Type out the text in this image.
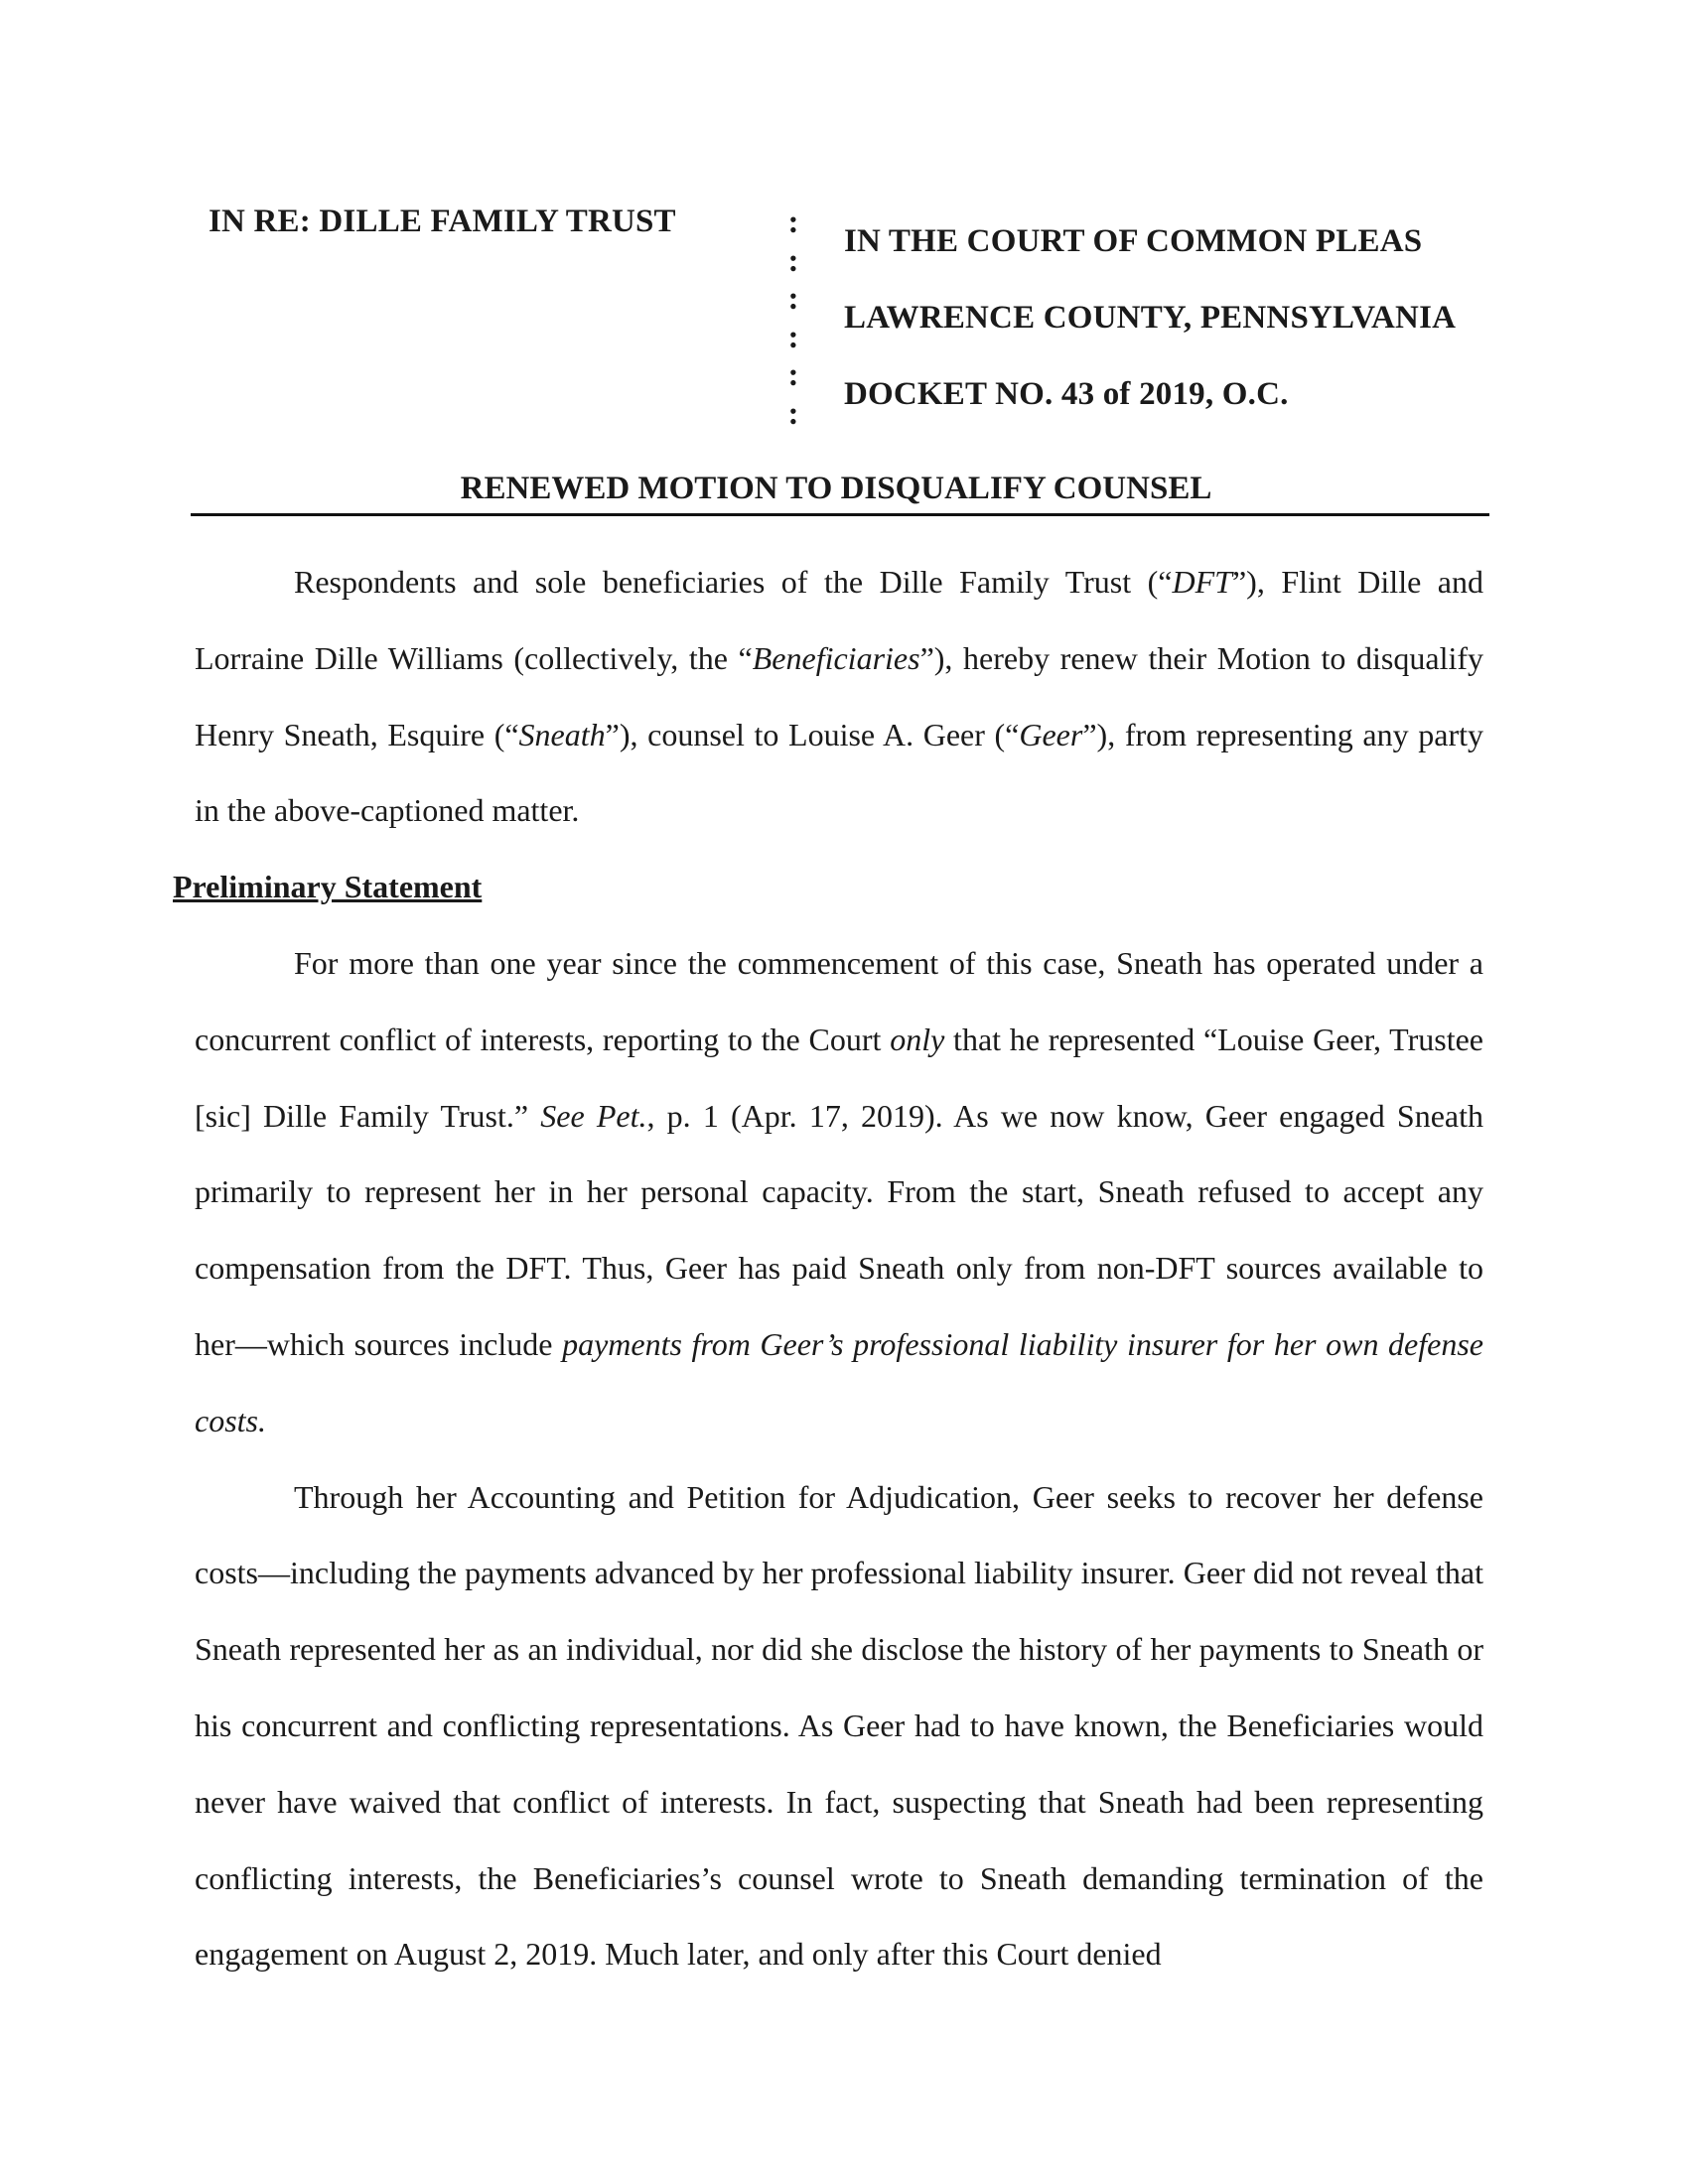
IN RE: DILLE FAMILY TRUST	:
:
:
:
:
:
IN THE COURT OF COMMON PLEAS
LAWRENCE COUNTY, PENNSYLVANIA
DOCKET NO. 43 of 2019, O.C.
RENEWED MOTION TO DISQUALIFY COUNSEL

Respondents and sole beneficiaries of the Dille Family Trust (“DFT”), Flint Dille and Lorraine Dille Williams (collectively, the “Beneficiaries”), hereby renew their Motion to disqualify Henry Sneath, Esquire (“Sneath”), counsel to Louise A. Geer (“Geer”), from representing any party in the above-captioned matter.

Preliminary Statement

For more than one year since the commencement of this case, Sneath has operated under a concurrent conflict of interests, reporting to the Court only that he represented “Louise Geer, Trustee [sic] Dille Family Trust.” See Pet., p. 1 (Apr. 17, 2019). As we now know, Geer engaged Sneath primarily to represent her in her personal capacity. From the start, Sneath refused to accept any compensation from the DFT. Thus, Geer has paid Sneath only from non-DFT sources available to her—which sources include payments from Geer’s professional liability insurer for her own defense costs.

Through her Accounting and Petition for Adjudication, Geer seeks to recover her defense costs—including the payments advanced by her professional liability insurer. Geer did not reveal that Sneath represented her as an individual, nor did she disclose the history of her payments to Sneath or his concurrent and conflicting representations. As Geer had to have known, the Beneficiaries would never have waived that conflict of interests. In fact, suspecting that Sneath had been representing conflicting interests, the Beneficiaries’s counsel wrote to Sneath demanding termination of the engagement on August 2, 2019. Much later, and only after this Court denied
